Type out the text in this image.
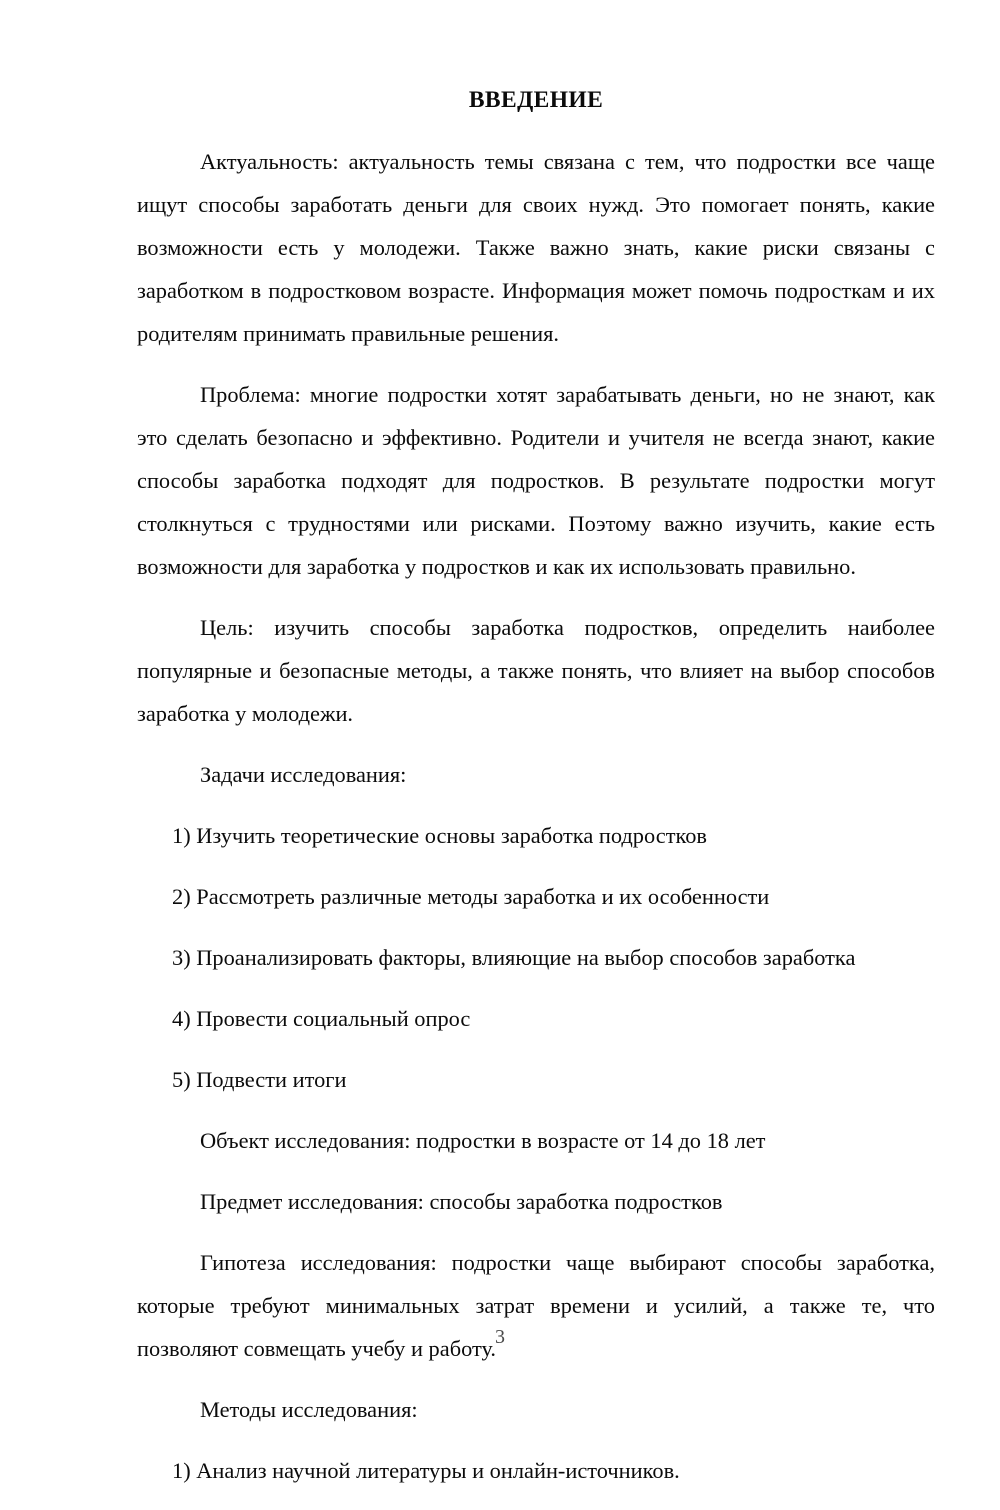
ВВЕДЕНИЕ

Актуальность: актуальность темы связана с тем, что подростки все чаще ищут способы заработать деньги для своих нужд. Это помогает понять, какие возможности есть у молодежи. Также важно знать, какие риски связаны с заработком в подростковом возрасте. Информация может помочь подросткам и их родителям принимать правильные решения.

Проблема: многие подростки хотят зарабатывать деньги, но не знают, как это сделать безопасно и эффективно. Родители и учителя не всегда знают, какие способы заработка подходят для подростков. В результате подростки могут столкнуться с трудностями или рисками. Поэтому важно изучить, какие есть возможности для заработка у подростков и как их использовать правильно.

Цель: изучить способы заработка подростков, определить наиболее популярные и безопасные методы, а также понять, что влияет на выбор способов заработка у молодежи.

Задачи исследования:

1) Изучить теоретические основы заработка подростков

2) Рассмотреть различные методы заработка и их особенности

3) Проанализировать факторы, влияющие на выбор способов заработка

4) Провести социальный опрос

5) Подвести итоги

Объект исследования: подростки в возрасте от 14 до 18 лет

Предмет исследования: способы заработка подростков

Гипотеза исследования: подростки чаще выбирают способы заработка, которые требуют минимальных затрат времени и усилий, а также те, что позволяют совмещать учебу и работу.

Методы исследования:

1) Анализ научной литературы и онлайн-источников.

3
